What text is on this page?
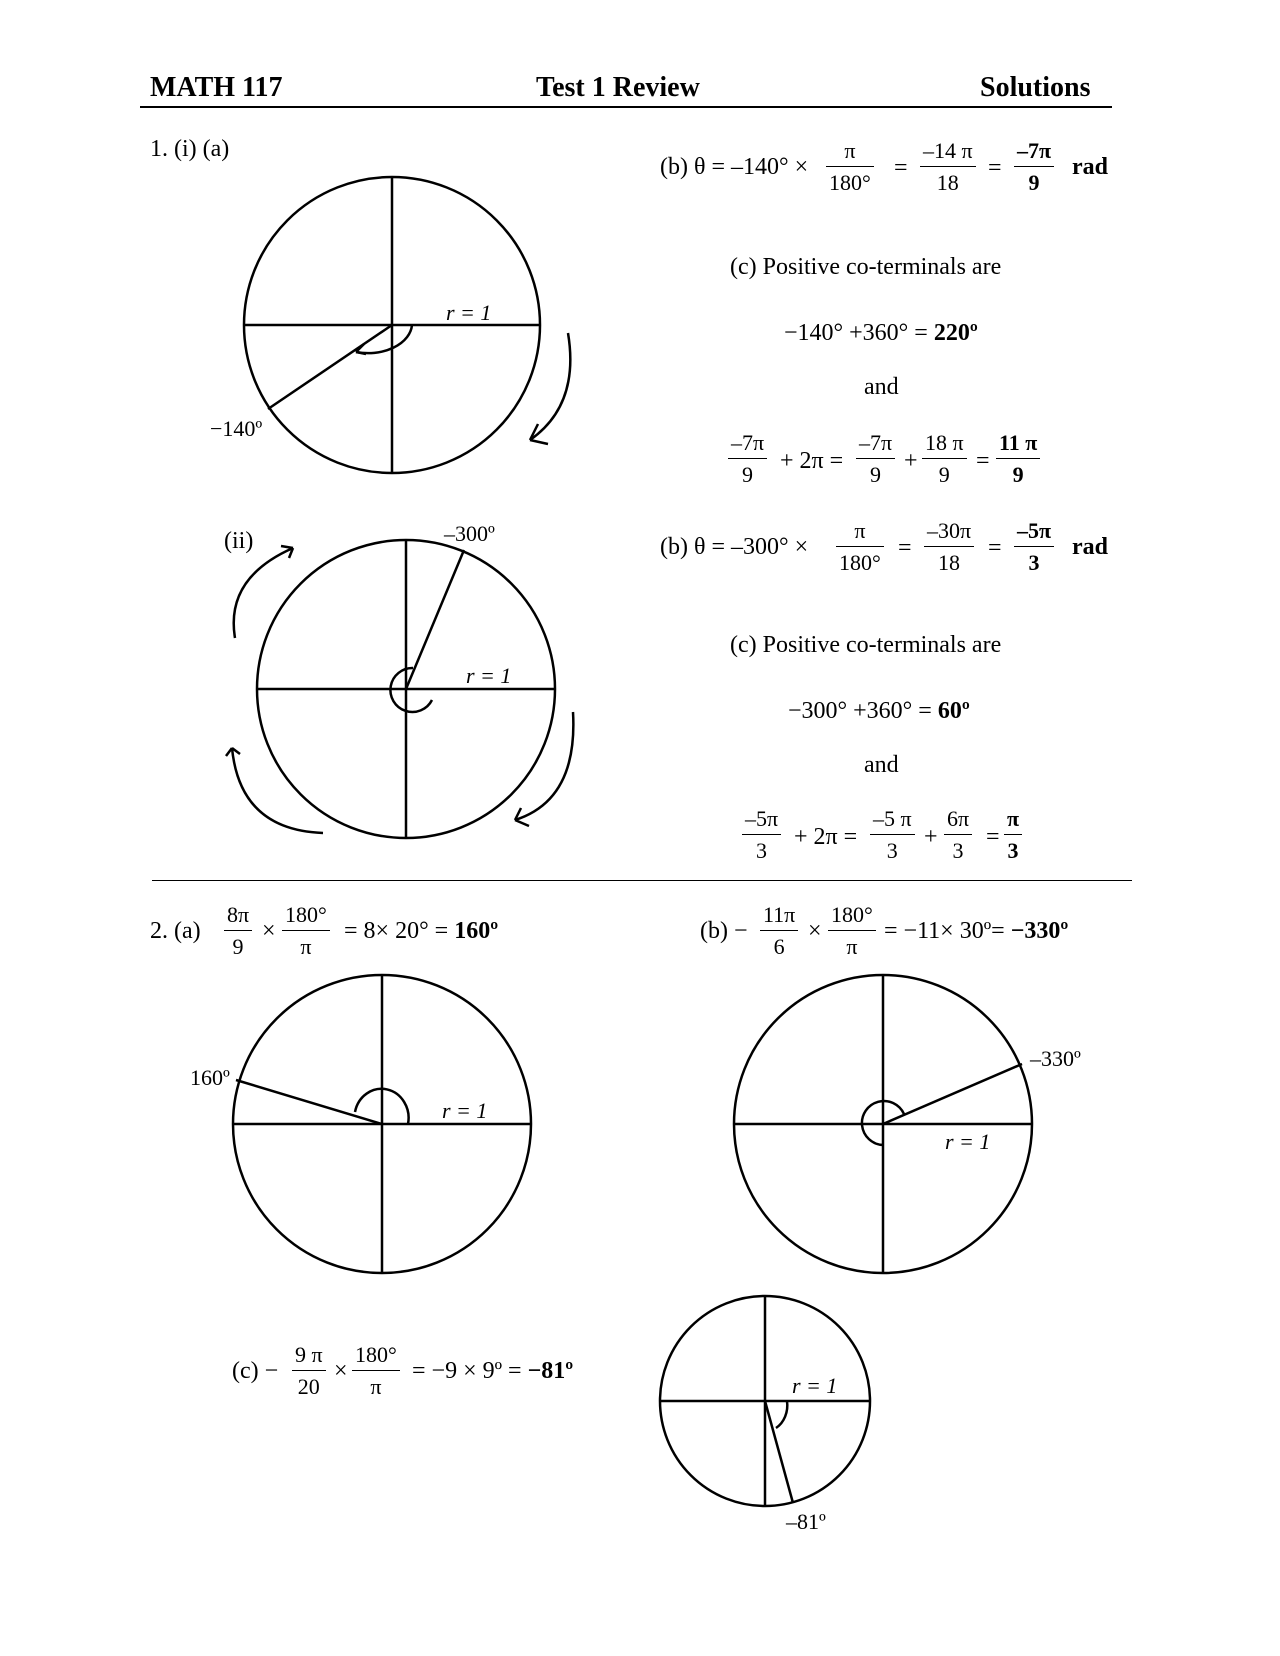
MATH 117	Test 1 Review	Solutions
1. (i) (a)
(ii)
−140º
r = 1
–300º
r = 1
160º
r = 1
–330º
r = 1
–81º
r = 1
(b) $\theta = -140^\circ \times \frac{\pi}{180^\circ} = \frac{-14 \pi}{18} = \frac{-7\pi}{9}$ rad
(c) Positive co-terminals are
−140° +360° = 220º
and
$\frac{-7\pi}{9} + 2\pi = \frac{-7\pi}{9} + \frac{18 \pi}{9} = \frac{11 \pi}{9}$
(b) $\theta = -300^\circ \times \frac{\pi}{180^\circ} = \frac{-30\pi}{18} = \frac{-5\pi}{3}$ rad
(c) Positive co-terminals are
−300° +360° = 60º
and
$\frac{-5\pi}{3} + 2\pi = \frac{-5 \pi}{3} + \frac{6\pi}{3} = \frac{\pi}{3}$
2. $(a) \frac{8\pi}{9} \times \frac{180^\circ}{\pi} = 8\times 20^\circ$ = 160º	$(b) - \frac{11\pi}{6} \times \frac{180^\circ}{\pi} = -11\times$ 30º= −330º
$(c) - \frac{9 \pi}{20} \times \frac{180^\circ}{\pi} = -9$ × 9º = −81º
